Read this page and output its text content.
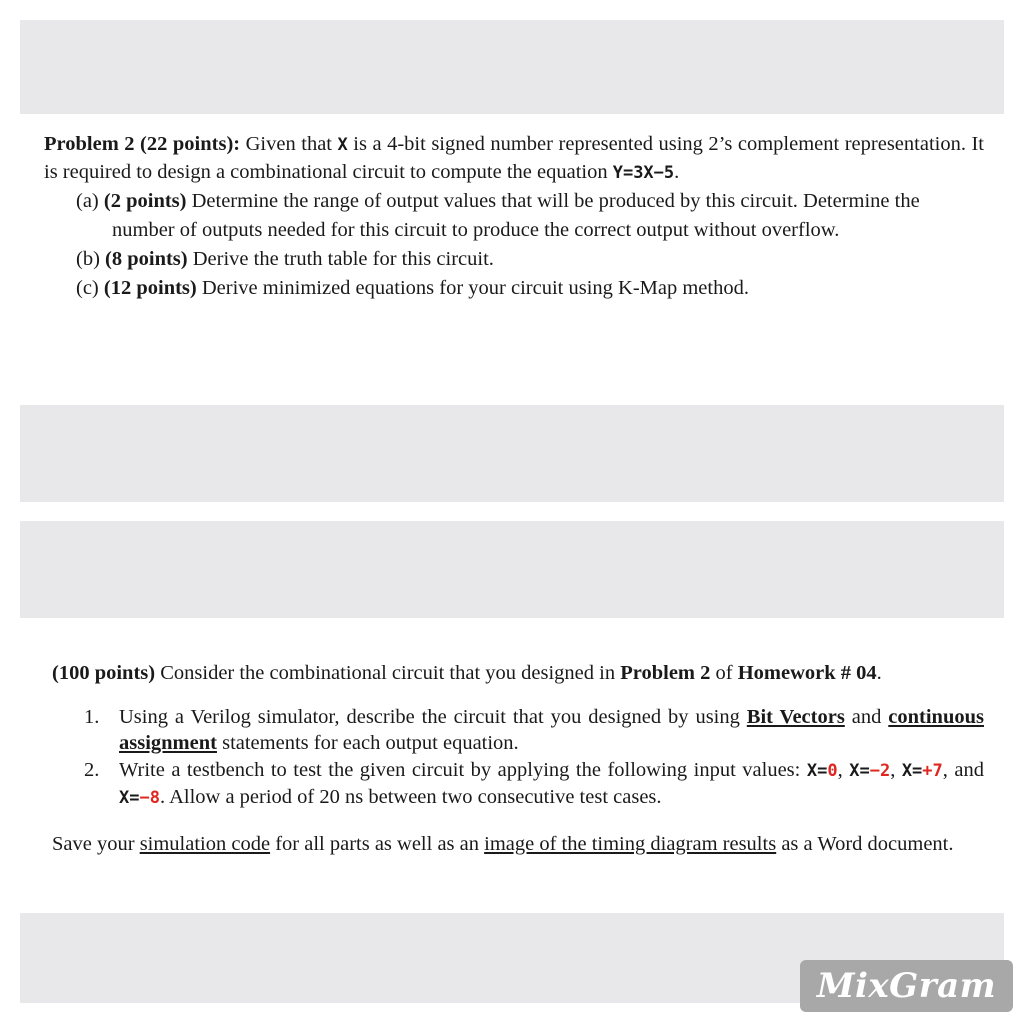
Problem 2 (22 points): Given that X is a 4-bit signed number represented using 2’s complement representation. It is required to design a combinational circuit to compute the equation Y=3X−5.

(a) (2 points) Determine the range of output values that will be produced by this circuit. Determine the number of outputs needed for this circuit to produce the correct output without overflow.

(b) (8 points) Derive the truth table for this circuit.

(c) (12 points) Derive minimized equations for your circuit using K-Map method.

(100 points) Consider the combinational circuit that you designed in Problem 2 of Homework # 04.

1. Using a Verilog simulator, describe the circuit that you designed by using Bit Vectors and continuous assignment statements for each output equation.
2. Write a testbench to test the given circuit by applying the following input values: X=0, X=−2, X=+7, and X=−8. Allow a period of 20 ns between two consecutive test cases.

Save your simulation code for all parts as well as an image of the timing diagram results as a Word document.

MixGram
